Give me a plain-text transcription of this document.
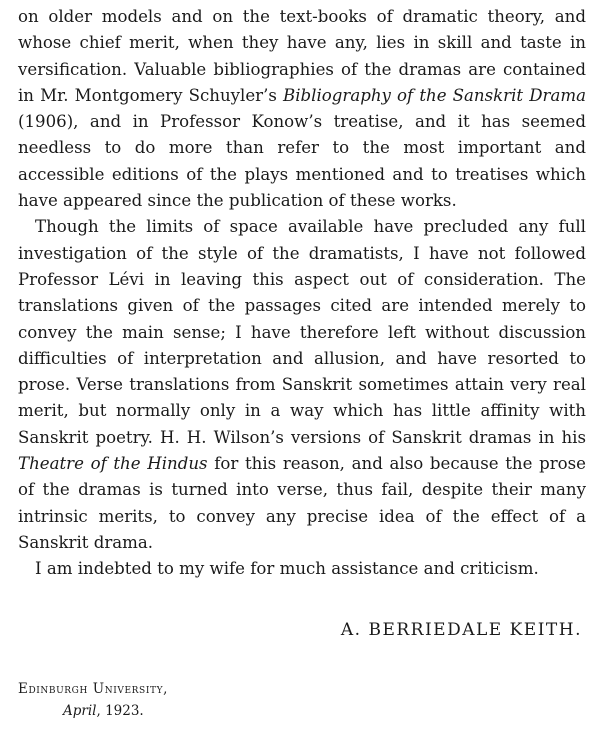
on older models and on the text-books of dramatic theory, and whose chief merit, when they have any, lies in skill and taste in versification. Valuable bibliographies of the dramas are contained in Mr. Montgomery Schuyler’s Bibliography of the Sanskrit Drama (1906), and in Professor Konow’s treatise, and it has seemed needless to do more than refer to the most important and accessible editions of the plays mentioned and to treatises which have appeared since the publication of these works.

Though the limits of space available have precluded any full investigation of the style of the dramatists, I have not followed Professor Lévi in leaving this aspect out of consideration. The translations given of the passages cited are intended merely to convey the main sense; I have therefore left without discussion difficulties of interpretation and allusion, and have resorted to prose. Verse translations from Sanskrit sometimes attain very real merit, but normally only in a way which has little affinity with Sanskrit poetry. H. H. Wilson’s versions of Sanskrit dramas in his Theatre of the Hindus for this reason, and also because the prose of the dramas is turned into verse, thus fail, despite their many intrinsic merits, to convey any precise idea of the effect of a Sanskrit drama.

I am indebted to my wife for much assistance and criticism.

A. BERRIEDALE KEITH.
Edinburgh University,
April, 1923.
